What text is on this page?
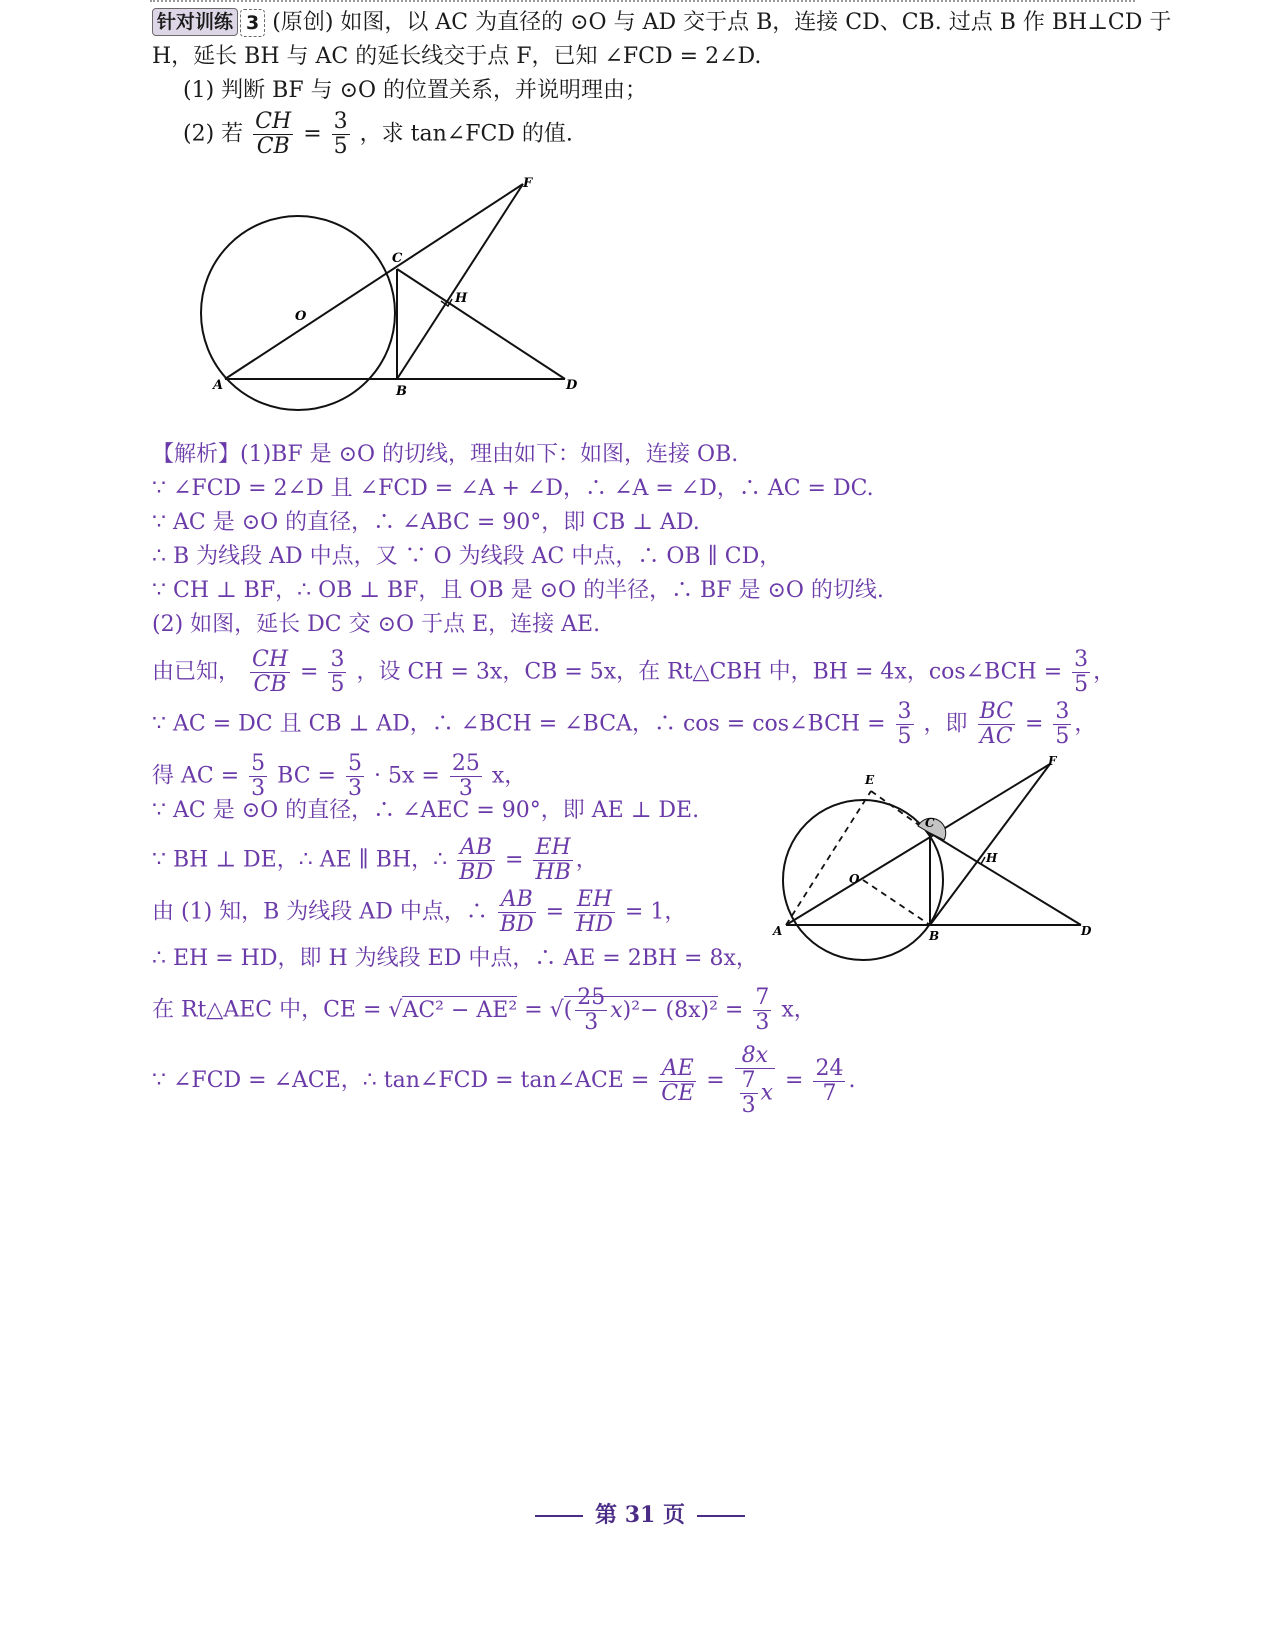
针对训练 3 (原创) 如图，以 AC 为直径的 ⊙O 与 AD 交于点 B，连接 CD、CB. 过点 B 作 BH⊥CD 于
H，延长 BH 与 AC 的延长线交于点 F，已知 ∠FCD = 2∠D.
(1) 判断 BF 与 ⊙O 的位置关系，并说明理由；
(2) 若 $\frac{CH}{CB} = \frac{3}{5}$ ，求 tan∠FCD 的值.
A	B
C
D
F
H
O
【解析】(1)BF 是 ⊙O 的切线，理由如下：如图，连接 OB.
∵ ∠FCD = 2∠D 且 ∠FCD = ∠A + ∠D，∴ ∠A = ∠D，∴ AC = DC.
∵ AC 是 ⊙O 的直径，∴ ∠ABC = 90°，即 CB ⊥ AD.
∴ B 为线段 AD 中点，又 ∵ O 为线段 AC 中点，∴ OB ∥ CD，
∵ CH ⊥ BF，∴ OB ⊥ BF，且 OB 是 ⊙O 的半径，∴ BF 是 ⊙O 的切线.
(2) 如图，延长 DC 交 ⊙O 于点 E，连接 AE.
由已知， $\frac{CH}{CB} = \frac{3}{5}$ ，设 CH = 3x，CB = 5x，在 Rt△CBH 中，BH = 4x，cos∠BCH = $\frac{3}{5}$ ，
∵ AC = DC 且 CB ⊥ AD，∴ ∠BCH = ∠BCA，∴ cos = cos∠BCH = $\frac{3}{5}$ ，即 $\frac{BC}{AC} = \frac{3}{5}$ ，
得 AC = $\frac{5}{3}$ BC = $\frac{5}{3} \cdot 5x = \frac{25}{3}$ x，
∵ AC 是 ⊙O 的直径，∴ ∠AEC = 90°，即 AE ⊥ DE.
∵ BH ⊥ DE，∴ AE ∥ BH，∴ $\frac{AB}{BD} = \frac{EH}{HB}$ ，
由 (1) 知，B 为线段 AD 中点，∴ $\frac{AB}{BD} = \frac{EH}{HD} = 1$，
∴ EH = HD，即 H 为线段 ED 中点，∴ AE = 2BH = 8x，
在 Rt△AEC 中，CE = √AC² − AE² = √( $\frac{25}{3} x)^2- (8x)^2 = \frac{7}{3}$ x，
∵ ∠FCD = ∠ACE，∴ tan∠FCD = tan∠ACE = $\frac{AE}{CE} = \frac{8x}{\frac{7}{3} x} = \frac{24}{7}$ .
A	B
C
D
E
F
H
O
第 31 页
